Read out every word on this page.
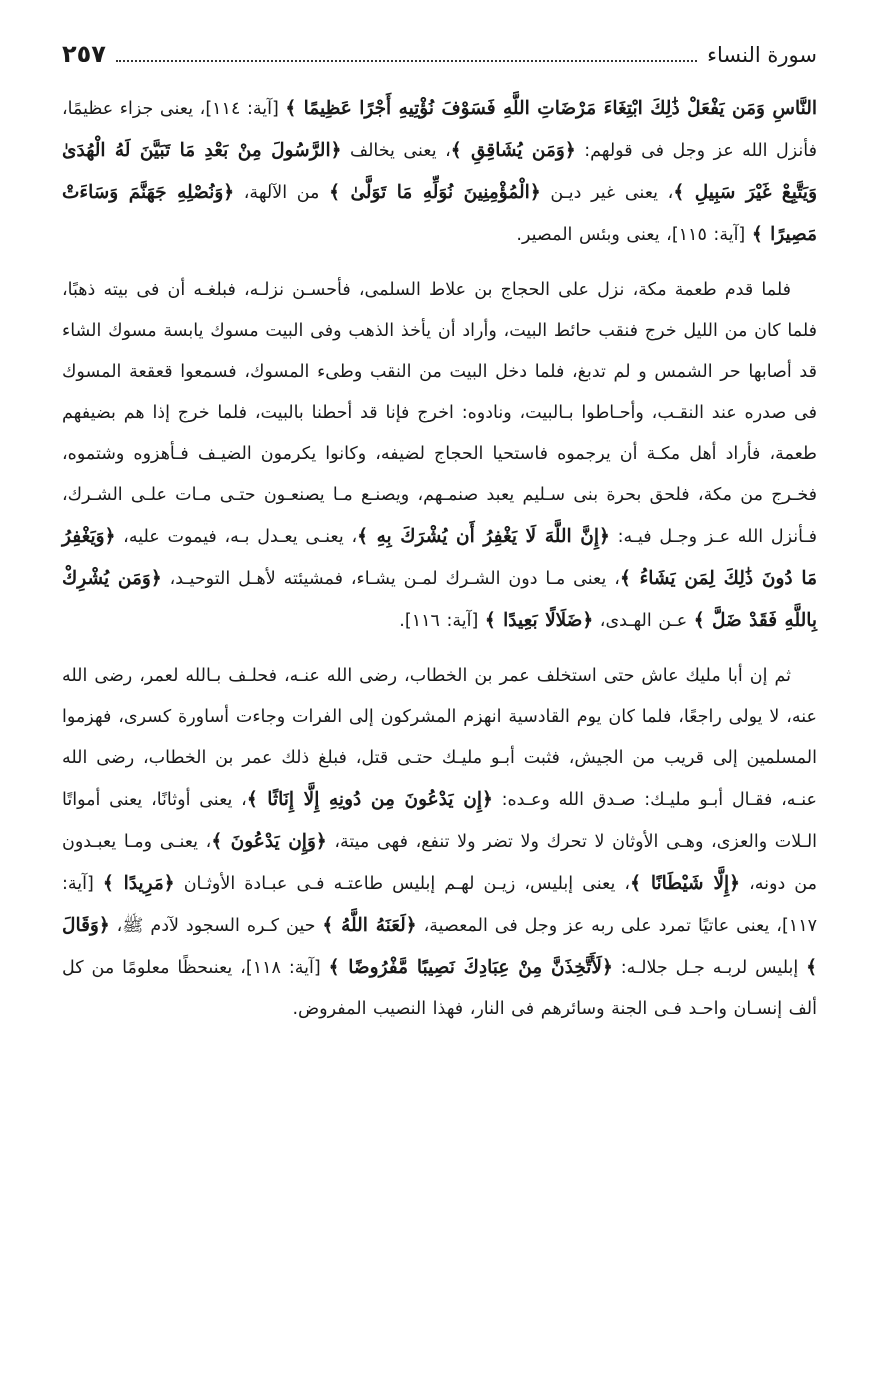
سورة النساء
٢٥٧

النَّاسِ وَمَن يَفْعَلْ ذَٰلِكَ ابْتِغَاءَ مَرْضَاتِ اللَّهِ فَسَوْفَ نُؤْتِيهِ أَجْرًا عَظِيمًا ﴾ [آية: ١١٤]، يعنى جزاء عظيمًا، فأنزل الله عز وجل فى قولهم: ﴿وَمَن يُشَاقِقِ ﴾، يعنى يخالف ﴿الرَّسُولَ مِنْ بَعْدِ مَا تَبَيَّنَ لَهُ الْهُدَىٰ وَيَتَّبِعْ غَيْرَ سَبِيلِ ﴾، يعنى غير ديـن ﴿الْمُؤْمِنِينَ نُوَلِّهِ مَا تَوَلَّىٰ ﴾ من الآلهة، ﴿وَنُصْلِهِ جَهَنَّمَ وَسَاءَتْ مَصِيرًا ﴾ [آية: ١١٥]، يعنى وبئس المصير.

فلما قدم طعمة مكة، نزل على الحجاج بن علاط السلمى، فأحسـن نزلـه، فبلغـه أن فى بيته ذهبًا، فلما كان من الليل خرج فنقب حائط البيت، وأراد أن يأخذ الذهب وفى البيت مسوك يابسة مسوك الشاء قد أصابها حر الشمس و لم تدبغ، فلما دخل البيت من النقب وطىء المسوك، فسمعوا قعقعة المسوك فى صدره عند النقـب، وأحـاطوا بـالبيت، ونادوه: اخرج فإنا قد أحطنا بالبيت، فلما خرج إذا هم بضيفهم طعمة، فأراد أهل مكـة أن يرجموه فاستحيا الحجاج لضيفه، وكانوا يكرمون الضيـف فـأهزوه وشتموه، فخـرج من مكة، فلحق بحرة بنى سـليم يعبد صنمـهم، ويصنـع مـا يصنعـون حتـى مـات علـى الشـرك، فـأنزل الله عـز وجـل فيـه: ﴿إِنَّ اللَّهَ لَا يَغْفِرُ أَن يُشْرَكَ بِهِ ﴾، يعنـى يعـدل بـه، فيموت عليه، ﴿وَيَغْفِرُ مَا دُونَ ذَٰلِكَ لِمَن يَشَاءُ ﴾، يعنى مـا دون الشـرك لمـن يشـاء، فمشيئته لأهـل التوحيـد، ﴿وَمَن يُشْرِكْ بِاللَّهِ فَقَدْ ضَلَّ ﴾ عـن الهـدى، ﴿ضَلَالًا بَعِيدًا ﴾ [آية: ١١٦].

ثم إن أبا مليك عاش حتى استخلف عمر بن الخطاب، رضى الله عنـه، فحلـف بـالله لعمر، رضى الله عنه، لا يولى راجعًا، فلما كان يوم القادسية انهزم المشركون إلى الفرات وجاءت أساورة كسرى، فهزموا المسلمين إلى قريب من الجيش، فثبت أبـو مليـك حتـى قتل، فبلغ ذلك عمر بن الخطاب، رضى الله عنـه، فقـال أبـو مليـك: صـدق الله وعـده: ﴿إِن يَدْعُونَ مِن دُونِهِ إِلَّا إِنَاثًا ﴾، يعنى أوثانًا، يعنى أمواتًا الـلات والعزى، وهـى الأوثان لا تحرك ولا تضر ولا تنفع، فهى ميتة، ﴿وَإِن يَدْعُونَ ﴾، يعنـى ومـا يعبـدون من دونه، ﴿إِلَّا شَيْطَانًا ﴾، يعنى إبليس، زيـن لهـم إبليس طاعتـه فـى عبـادة الأوثـان ﴿مَرِيدًا ﴾ [آية: ١١٧]، يعنى عاتيًا تمرد على ربه عز وجل فى المعصية، ﴿لَعَنَهُ اللَّهُ ﴾ حين كـره السجود لآدم ﷺ، ﴿وَقَالَ ﴾ إبليس لربـه جـل جلالـه: ﴿لَأَتَّخِذَنَّ مِنْ عِبَادِكَ نَصِيبًا مَّفْرُوضًا ﴾ [آية: ١١٨]، يعنىحظًا معلومًا من كل ألف إنسـان واحـد فـى الجنة وسائرهم فى النار، فهذا النصيب المفروض.
